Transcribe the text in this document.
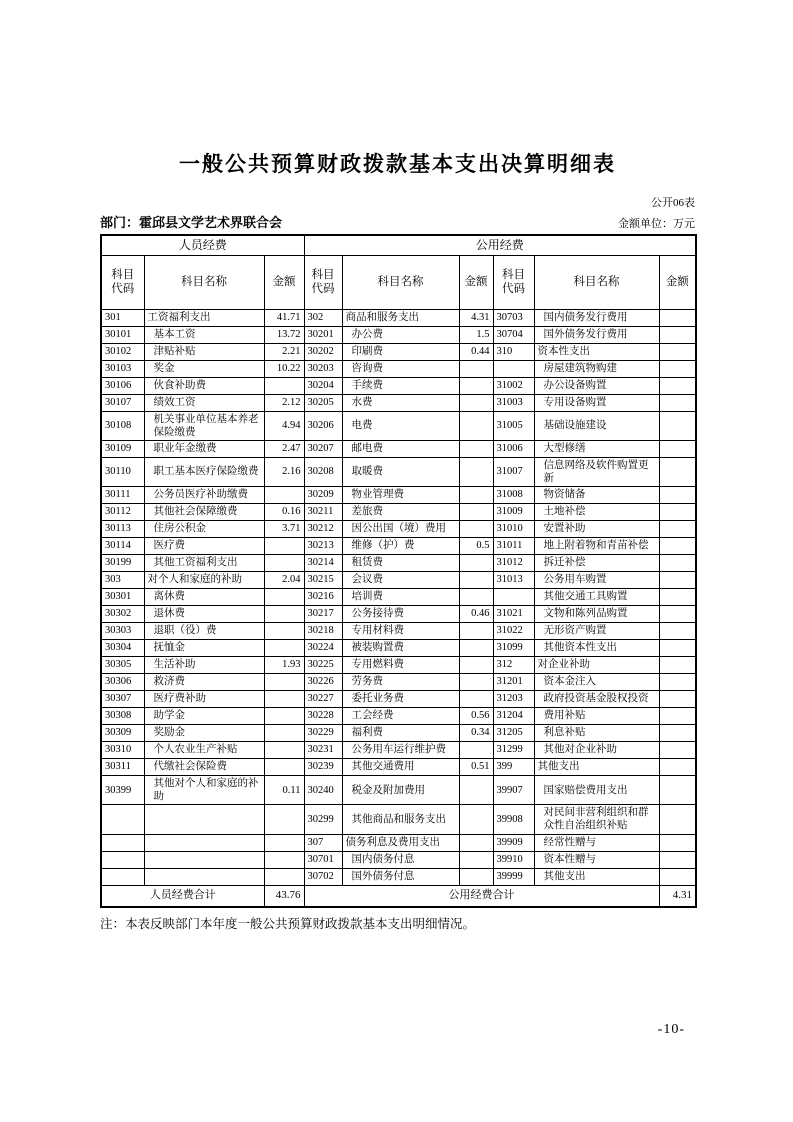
一般公共预算财政拨款基本支出决算明细表
公开06表
部门：霍邱县文学艺术界联合会	金额单位：万元
人员经费			公用经费					
科目代码	科目名称	金额	科目代码	科目名称	金额	科目代码	科目名称	金额
301	工资福利支出	41.71	302	商品和服务支出	4.31	30703	国内债务发行费用	
30101	基本工资	13.72	30201	办公费	1.5	30704	国外债务发行费用	
30102	津贴补贴	2.21	30202	印刷费	0.44	310	资本性支出	
30103	奖金	10.22	30203	咨询费			房屋建筑物购建	
30106	伙食补助费		30204	手续费		31002	办公设备购置	
30107	绩效工资	2.12	30205	水费		31003	专用设备购置	
30108	机关事业单位基本养老保险缴费	4.94	30206	电费		31005	基础设施建设	
30109	职业年金缴费	2.47	30207	邮电费		31006	大型修缮	
30110	职工基本医疗保险缴费	2.16	30208	取暖费		31007	信息网络及软件购置更新	
30111	公务员医疗补助缴费		30209	物业管理费		31008	物资储备	
30112	其他社会保障缴费	0.16	30211	差旅费		31009	土地补偿	
30113	住房公积金	3.71	30212	因公出国（境）费用		31010	安置补助	
30114	医疗费		30213	维修（护）费	0.5	31011	地上附着物和青苗补偿	
30199	其他工资福利支出		30214	租赁费		31012	拆迁补偿	
303	对个人和家庭的补助	2.04	30215	会议费		31013	公务用车购置	
30301	离休费		30216	培训费			其他交通工具购置	
30302	退休费		30217	公务接待费	0.46	31021	文物和陈列品购置	
30303	退职（役）费		30218	专用材料费		31022	无形资产购置	
30304	抚恤金		30224	被装购置费		31099	其他资本性支出	
30305	生活补助	1.93	30225	专用燃料费		312	对企业补助	
30306	救济费		30226	劳务费		31201	资本金注入	
30307	医疗费补助		30227	委托业务费		31203	政府投资基金股权投资	
30308	助学金		30228	工会经费	0.56	31204	费用补贴	
30309	奖励金		30229	福利费	0.34	31205	利息补贴	
30310	个人农业生产补贴		30231	公务用车运行维护费		31299	其他对企业补助	
30311	代缴社会保险费		30239	其他交通费用	0.51	399	其他支出	
30399	其他对个人和家庭的补助	0.11	30240	税金及附加费用		39907	国家赔偿费用支出	
			30299	其他商品和服务支出		39908	对民间非营利组织和群众性自治组织补贴	
			307	债务利息及费用支出		39909	经常性赠与	
			30701	国内债务付息		39910	资本性赠与	
			30702	国外债务付息		39999	其他支出	
人员经费合计		43.76	公用经费合计					4.31
注：本表反映部门本年度一般公共预算财政拨款基本支出明细情况。
-10-
